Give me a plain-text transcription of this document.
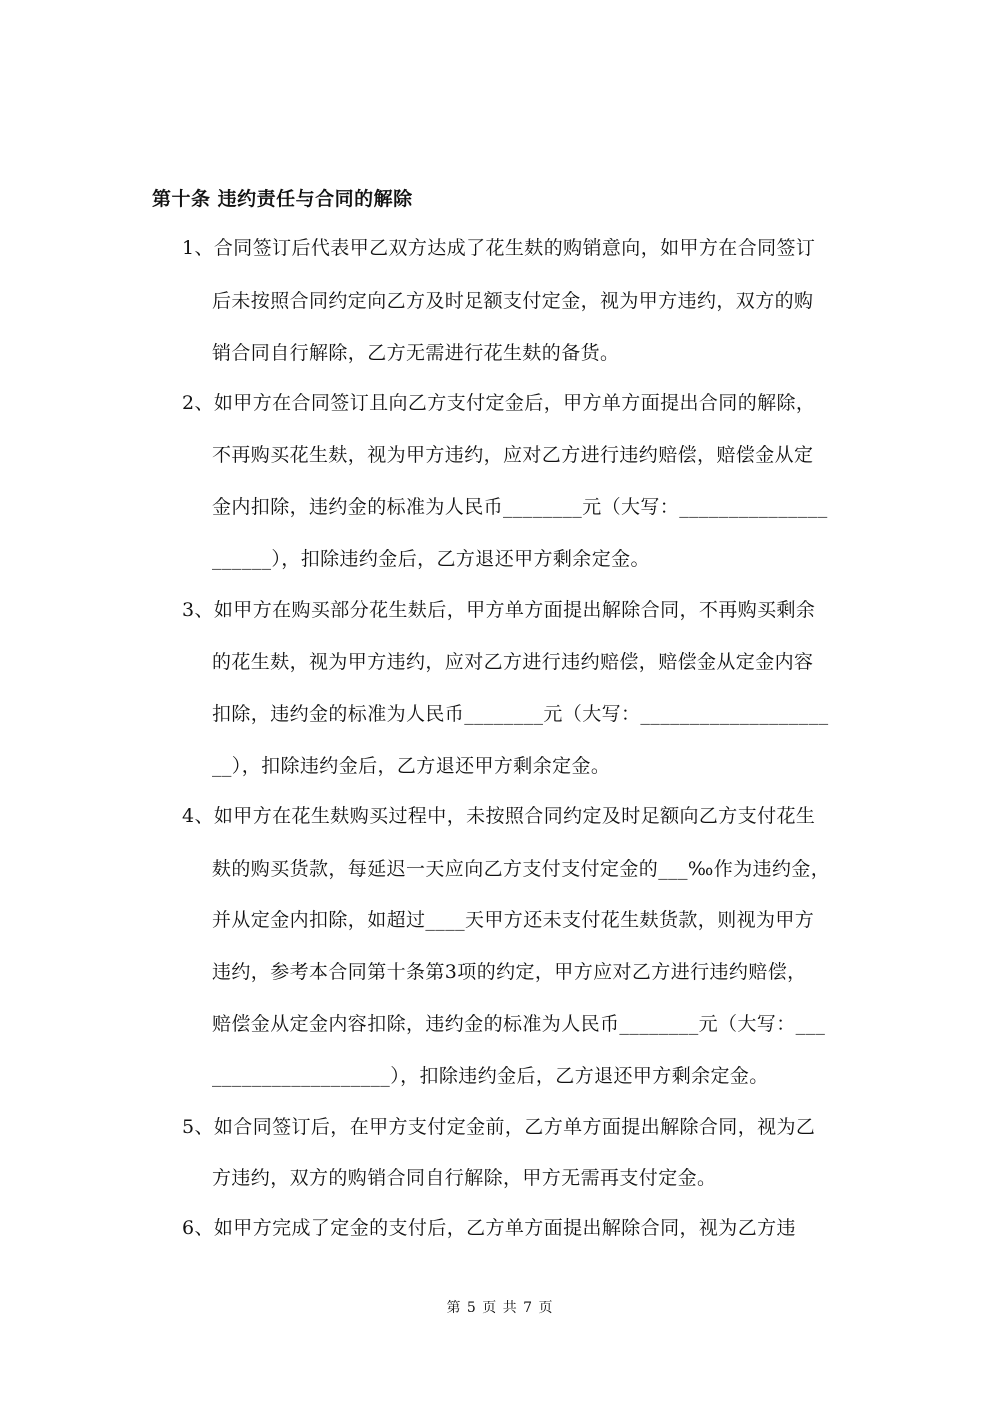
第十条 违约责任与合同的解除
1、合同签订后代表甲乙双方达成了花生麸的购销意向，如甲方在合同签订
后未按照合同约定向乙方及时足额支付定金，视为甲方违约，双方的购
销合同自行解除，乙方无需进行花生麸的备货。
2、如甲方在合同签订且向乙方支付定金后，甲方单方面提出合同的解除，
不再购买花生麸，视为甲方违约，应对乙方进行违约赔偿，赔偿金从定
金内扣除，违约金的标准为人民币________元（大写：_______________
______），扣除违约金后，乙方退还甲方剩余定金。
3、如甲方在购买部分花生麸后，甲方单方面提出解除合同，不再购买剩余
的花生麸，视为甲方违约，应对乙方进行违约赔偿，赔偿金从定金内容
扣除，违约金的标准为人民币________元（大写：___________________
__），扣除违约金后，乙方退还甲方剩余定金。
4、如甲方在花生麸购买过程中，未按照合同约定及时足额向乙方支付花生
麸的购买货款，每延迟一天应向乙方支付支付定金的___‰作为违约金，
并从定金内扣除，如超过____天甲方还未支付花生麸货款，则视为甲方
违约，参考本合同第十条第3项的约定，甲方应对乙方进行违约赔偿，
赔偿金从定金内容扣除，违约金的标准为人民币________元（大写：___
__________________），扣除违约金后，乙方退还甲方剩余定金。
5、如合同签订后，在甲方支付定金前，乙方单方面提出解除合同，视为乙
方违约，双方的购销合同自行解除，甲方无需再支付定金。
6、如甲方完成了定金的支付后，乙方单方面提出解除合同，视为乙方违
第 5 页 共 7 页
